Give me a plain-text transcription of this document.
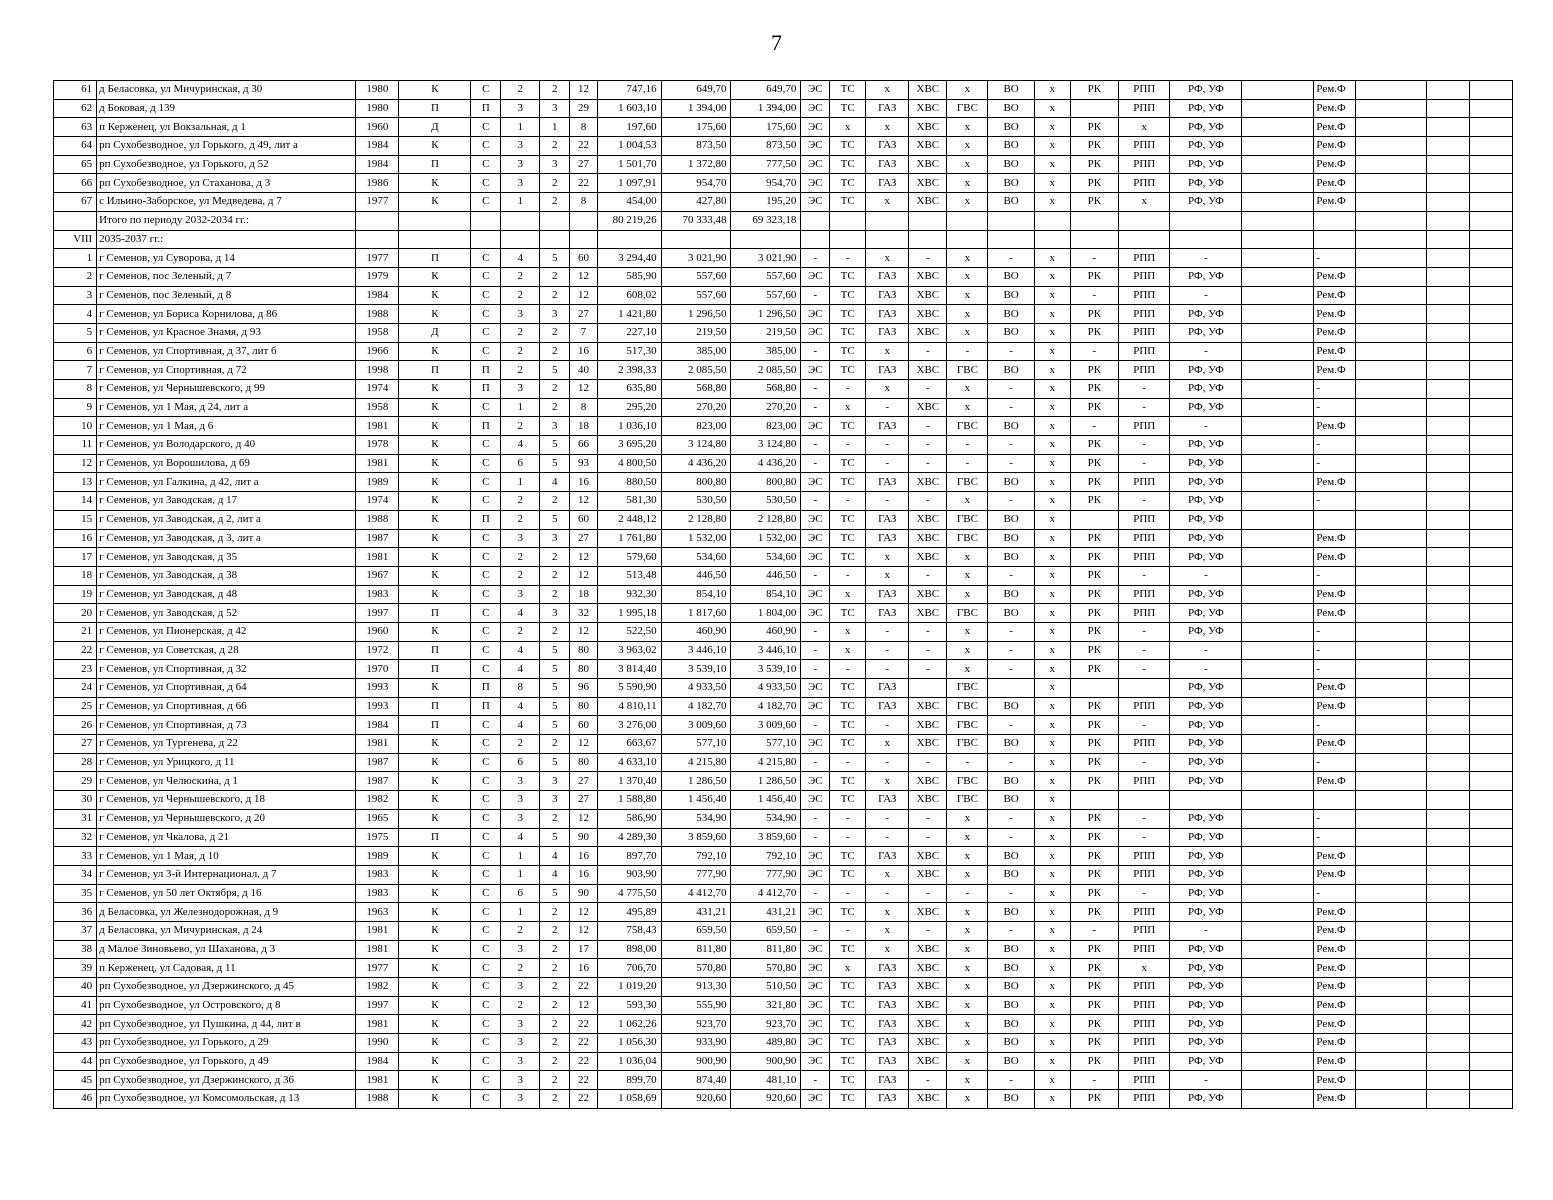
7
61	д Беласовка, ул Мичуринская, д 30	1980	К	С	2	2	12	747,16	649,70	649,70	ЭС	ТС	х	ХВС	х	ВО	х	РК	РПП	РФ, УФ		Рем.Ф			
62	д Боковая, д 139	1980	П	П	3	3	29	1 603,10	1 394,00	1 394,00	ЭС	ТС	ГАЗ	ХВС	ГВС	ВО	х		РПП	РФ, УФ		Рем.Ф			
63	п Керженец, ул Вокзальная, д 1	1960	Д	С	1	1	8	197,60	175,60	175,60	ЭС	х	х	ХВС	х	ВО	х	РК	х	РФ, УФ		Рем.Ф			
64	рп Сухобезводное, ул Горького, д 49, лит а	1984	К	С	3	2	22	1 004,53	873,50	873,50	ЭС	ТС	ГАЗ	ХВС	х	ВО	х	РК	РПП	РФ, УФ		Рем.Ф			
65	рп Сухобезводное, ул Горького, д 52	1984	П	С	3	3	27	1 501,70	1 372,80	777,50	ЭС	ТС	ГАЗ	ХВС	х	ВО	х	РК	РПП	РФ, УФ		Рем.Ф			
66	рп Сухобезводное, ул Стаханова, д 3	1986	К	С	3	2	22	1 097,91	954,70	954,70	ЭС	ТС	ГАЗ	ХВС	х	ВО	х	РК	РПП	РФ, УФ		Рем.Ф			
67	с Ильино-Заборское, ул Медведева, д 7	1977	К	С	1	2	8	454,00	427,80	195,20	ЭС	ТС	х	ХВС	х	ВО	х	РК	х	РФ, УФ		Рем.Ф			
	Итого по периоду 2032-2034 гг.:							80 219,26	70 333,48	69 323,18															
VIII	2035-2037 гг.:																								
1	г Семенов, ул Суворова, д 14	1977	П	С	4	5	60	3 294,40	3 021,90	3 021,90	-	-	х	-	х	-	х	-	РПП	-		-			
2	г Семенов, пос Зеленый, д 7	1979	К	С	2	2	12	585,90	557,60	557,60	ЭС	ТС	ГАЗ	ХВС	х	ВО	х	РК	РПП	РФ, УФ		Рем.Ф			
3	г Семенов, пос Зеленый, д 8	1984	К	С	2	2	12	608,02	557,60	557,60	-	ТС	ГАЗ	ХВС	х	ВО	х	-	РПП	-		Рем.Ф			
4	г Семенов, ул Бориса Корнилова, д 86	1988	К	С	3	3	27	1 421,80	1 296,50	1 296,50	ЭС	ТС	ГАЗ	ХВС	х	ВО	х	РК	РПП	РФ, УФ		Рем.Ф			
5	г Семенов, ул Красное Знамя, д 93	1958	Д	С	2	2	7	227,10	219,50	219,50	ЭС	ТС	ГАЗ	ХВС	х	ВО	х	РК	РПП	РФ, УФ		Рем.Ф			
6	г Семенов, ул Спортивная, д 37, лит б	1966	К	С	2	2	16	517,30	385,00	385,00	-	ТС	х	-	-	-	х	-	РПП	-		Рем.Ф			
7	г Семенов, ул Спортивная, д 72	1998	П	П	2	5	40	2 398,33	2 085,50	2 085,50	ЭС	ТС	ГАЗ	ХВС	ГВС	ВО	х	РК	РПП	РФ, УФ		Рем.Ф			
8	г Семенов, ул Чернышевского, д 99	1974	К	П	3	2	12	635,80	568,80	568,80	-	-	х	-	х	-	х	РК	-	РФ, УФ		-			
9	г Семенов, ул 1 Мая, д 24, лит а	1958	К	С	1	2	8	295,20	270,20	270,20	-	х	-	ХВС	х	-	х	РК	-	РФ, УФ		-			
10	г Семенов, ул 1 Мая, д 6	1981	К	П	2	3	18	1 036,10	823,00	823,00	ЭС	ТС	ГАЗ	-	ГВС	ВО	х	-	РПП	-		Рем.Ф			
11	г Семенов, ул Володарского, д 40	1978	К	С	4	5	66	3 695,20	3 124,80	3 124,80	-	-	-	-	-	-	х	РК	-	РФ, УФ		-			
12	г Семенов, ул Ворошилова, д 69	1981	К	С	6	5	93	4 800,50	4 436,20	4 436,20	-	ТС	-	-	-	-	х	РК	-	РФ, УФ		-			
13	г Семенов, ул Галкина, д 42, лит а	1989	К	С	1	4	16	880,50	800,80	800,80	ЭС	ТС	ГАЗ	ХВС	ГВС	ВО	х	РК	РПП	РФ, УФ		Рем.Ф			
14	г Семенов, ул Заводская, д 17	1974	К	С	2	2	12	581,30	530,50	530,50	-	-	-	-	х	-	х	РК	-	РФ, УФ		-			
15	г Семенов, ул Заводская, д 2, лит а	1988	К	П	2	5	60	2 448,12	2 128,80	2 128,80	ЭС	ТС	ГАЗ	ХВС	ГВС	ВО	х		РПП	РФ, УФ					
16	г Семенов, ул Заводская, д 3, лит а	1987	К	С	3	3	27	1 761,80	1 532,00	1 532,00	ЭС	ТС	ГАЗ	ХВС	ГВС	ВО	х	РК	РПП	РФ, УФ		Рем.Ф			
17	г Семенов, ул Заводская, д 35	1981	К	С	2	2	12	579,60	534,60	534,60	ЭС	ТС	х	ХВС	х	ВО	х	РК	РПП	РФ, УФ		Рем.Ф			
18	г Семенов, ул Заводская, д 38	1967	К	С	2	2	12	513,48	446,50	446,50	-	-	х	-	х	-	х	РК	-	-		-			
19	г Семенов, ул Заводская, д 48	1983	К	С	3	2	18	932,30	854,10	854,10	ЭС	х	ГАЗ	ХВС	х	ВО	х	РК	РПП	РФ, УФ		Рем.Ф			
20	г Семенов, ул Заводская, д 52	1997	П	С	4	3	32	1 995,18	1 817,60	1 804,00	ЭС	ТС	ГАЗ	ХВС	ГВС	ВО	х	РК	РПП	РФ, УФ		Рем.Ф			
21	г Семенов, ул Пионерская, д 42	1960	К	С	2	2	12	522,50	460,90	460,90	-	х	-	-	х	-	х	РК	-	РФ, УФ		-			
22	г Семенов, ул Советская, д 28	1972	П	С	4	5	80	3 963,02	3 446,10	3 446,10	-	х	-	-	х	-	х	РК	-	-		-			
23	г Семенов, ул Спортивная, д 32	1970	П	С	4	5	80	3 814,40	3 539,10	3 539,10	-	-	-	-	х	-	х	РК	-	-		-			
24	г Семенов, ул Спортивная, д 64	1993	К	П	8	5	96	5 590,90	4 933,50	4 933,50	ЭС	ТС	ГАЗ		ГВС		х			РФ, УФ		Рем.Ф			
25	г Семенов, ул Спортивная, д 66	1993	П	П	4	5	80	4 810,11	4 182,70	4 182,70	ЭС	ТС	ГАЗ	ХВС	ГВС	ВО	х	РК	РПП	РФ, УФ		Рем.Ф			
26	г Семенов, ул Спортивная, д 73	1984	П	С	4	5	60	3 276,00	3 009,60	3 009,60	-	ТС	-	ХВС	ГВС	-	х	РК	-	РФ, УФ		-			
27	г Семенов, ул Тургенева, д 22	1981	К	С	2	2	12	663,67	577,10	577,10	ЭС	ТС	х	ХВС	ГВС	ВО	х	РК	РПП	РФ, УФ		Рем.Ф			
28	г Семенов, ул Урицкого, д 11	1987	К	С	6	5	80	4 633,10	4 215,80	4 215,80	-	-	-	-	-	-	х	РК	-	РФ, УФ		-			
29	г Семенов, ул Челюскина, д 1	1987	К	С	3	3	27	1 370,40	1 286,50	1 286,50	ЭС	ТС	х	ХВС	ГВС	ВО	х	РК	РПП	РФ, УФ		Рем.Ф			
30	г Семенов, ул Чернышевского, д 18	1982	К	С	3	3	27	1 588,80	1 456,40	1 456,40	ЭС	ТС	ГАЗ	ХВС	ГВС	ВО	х								
31	г Семенов, ул Чернышевского, д 20	1965	К	С	3	2	12	586,90	534,90	534,90	-	-	-	-	х	-	х	РК	-	РФ, УФ		-			
32	г Семенов, ул Чкалова, д 21	1975	П	С	4	5	90	4 289,30	3 859,60	3 859,60	-	-	-	-	х	-	х	РК	-	РФ, УФ		-			
33	г Семенов, ул 1 Мая, д 10	1989	К	С	1	4	16	897,70	792,10	792,10	ЭС	ТС	ГАЗ	ХВС	х	ВО	х	РК	РПП	РФ, УФ		Рем.Ф			
34	г Семенов, ул 3-й Интернационал, д 7	1983	К	С	1	4	16	903,90	777,90	777,90	ЭС	ТС	х	ХВС	х	ВО	х	РК	РПП	РФ, УФ		Рем.Ф			
35	г Семенов, ул 50 лет Октября, д 16	1983	К	С	6	5	90	4 775,50	4 412,70	4 412,70	-	-	-	-	-	-	х	РК	-	РФ, УФ		-			
36	д Беласовка, ул Железнодорожная, д 9	1963	К	С	1	2	12	495,89	431,21	431,21	ЭС	ТС	х	ХВС	х	ВО	х	РК	РПП	РФ, УФ		Рем.Ф			
37	д Беласовка, ул Мичуринская, д 24	1981	К	С	2	2	12	758,43	659,50	659,50	-	-	х	-	х	-	х	-	РПП	-		Рем.Ф			
38	д Малое Зиновьево, ул Шаханова, д 3	1981	К	С	3	2	17	898,00	811,80	811,80	ЭС	ТС	х	ХВС	х	ВО	х	РК	РПП	РФ, УФ		Рем.Ф			
39	п Керженец, ул Садовая, д 11	1977	К	С	2	2	16	706,70	570,80	570,80	ЭС	х	ГАЗ	ХВС	х	ВО	х	РК	х	РФ, УФ		Рем.Ф			
40	рп Сухобезводное, ул Дзержинского, д 45	1982	К	С	3	2	22	1 019,20	913,30	510,50	ЭС	ТС	ГАЗ	ХВС	х	ВО	х	РК	РПП	РФ, УФ		Рем.Ф			
41	рп Сухобезводное, ул Островского, д 8	1997	К	С	2	2	12	593,30	555,90	321,80	ЭС	ТС	ГАЗ	ХВС	х	ВО	х	РК	РПП	РФ, УФ		Рем.Ф			
42	рп Сухобезводное, ул Пушкина, д 44, лит в	1981	К	С	3	2	22	1 062,26	923,70	923,70	ЭС	ТС	ГАЗ	ХВС	х	ВО	х	РК	РПП	РФ, УФ		Рем.Ф			
43	рп Сухобезводное, ул Горького, д 29	1990	К	С	3	2	22	1 056,30	933,90	489,80	ЭС	ТС	ГАЗ	ХВС	х	ВО	х	РК	РПП	РФ, УФ		Рем.Ф			
44	рп Сухобезводное, ул Горького, д 49	1984	К	С	3	2	22	1 036,04	900,90	900,90	ЭС	ТС	ГАЗ	ХВС	х	ВО	х	РК	РПП	РФ, УФ		Рем.Ф			
45	рп Сухобезводное, ул Дзержинского, д 36	1981	К	С	3	2	22	899,70	874,40	481,10	-	ТС	ГАЗ	-	х	-	х	-	РПП	-		Рем.Ф			
46	рп Сухобезводное, ул Комсомольская, д 13	1988	К	С	3	2	22	1 058,69	920,60	920,60	ЭС	ТС	ГАЗ	ХВС	х	ВО	х	РК	РПП	РФ, УФ		Рем.Ф			
